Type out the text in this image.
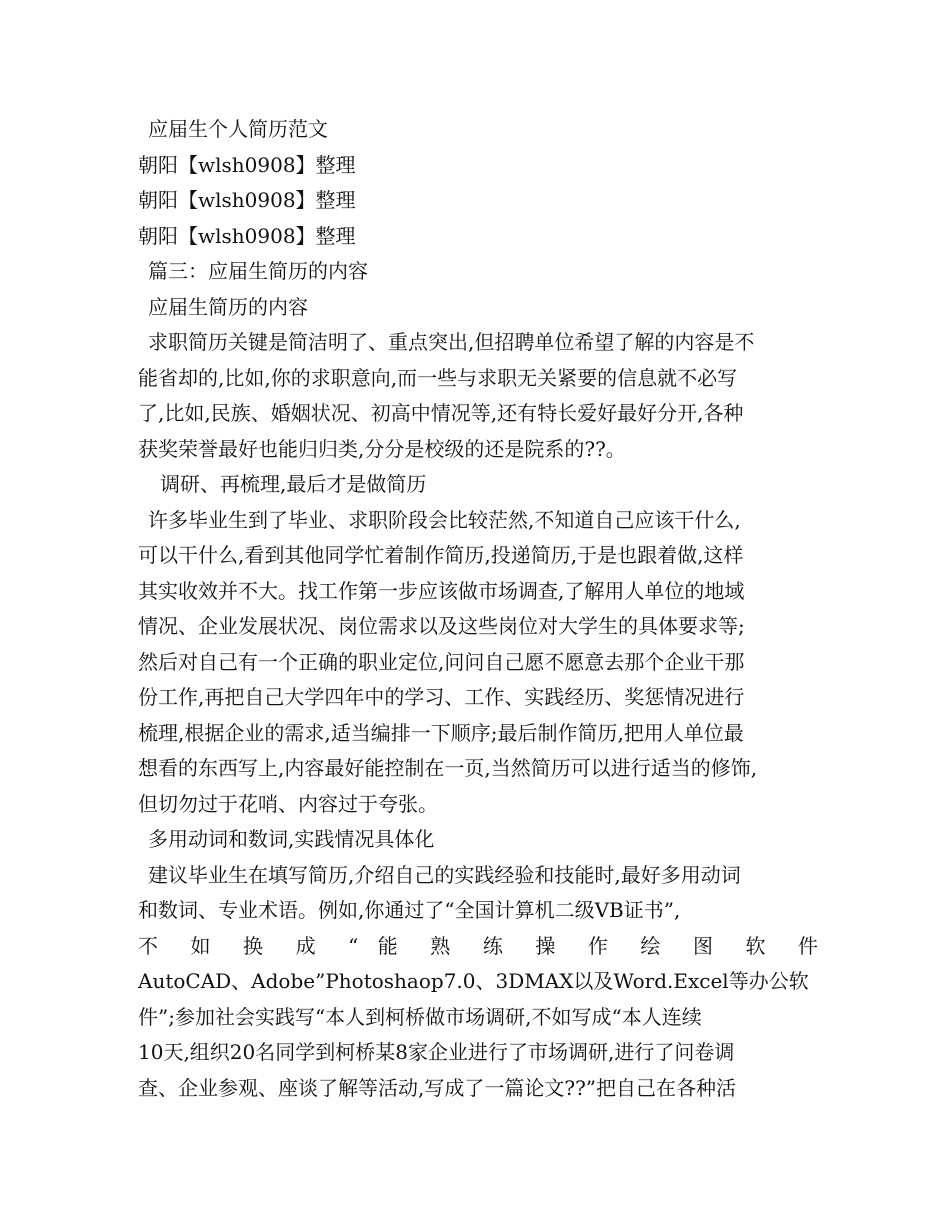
应届生个人简历范文
朝阳【wlsh0908】整理
朝阳【wlsh0908】整理
朝阳【wlsh0908】整理
篇三：应届生简历的内容
应届生简历的内容
求职简历关键是简洁明了、重点突出,但招聘单位希望了解的内容是不
能省却的,比如,你的求职意向,而一些与求职无关紧要的信息就不必写
了,比如,民族、婚姻状况、初高中情况等,还有特长爱好最好分开,各种
获奖荣誉最好也能归归类,分分是校级的还是院系的??。
调研、再梳理,最后才是做简历
许多毕业生到了毕业、求职阶段会比较茫然,不知道自己应该干什么,
可以干什么,看到其他同学忙着制作简历,投递简历,于是也跟着做,这样
其实收效并不大。找工作第一步应该做市场调查,了解用人单位的地域
情况、企业发展状况、岗位需求以及这些岗位对大学生的具体要求等;
然后对自己有一个正确的职业定位,问问自己愿不愿意去那个企业干那
份工作,再把自己大学四年中的学习、工作、实践经历、奖惩情况进行
梳理,根据企业的需求,适当编排一下顺序;最后制作简历,把用人单位最
想看的东西写上,内容最好能控制在一页,当然简历可以进行适当的修饰,
但切勿过于花哨、内容过于夸张。
多用动词和数词,实践情况具体化
建议毕业生在填写简历,介绍自己的实践经验和技能时,最好多用动词
和数词、专业术语。例如,你通过了“全国计算机二级VB证书”,
不 如 换 成 “ 能 熟 练 操 作 绘 图 软 件
AutoCAD、Adobe”Photoshaop7.0、3DMAX以及Word.Excel等办公软
件”;参加社会实践写“本人到柯桥做市场调研,不如写成“本人连续
10天,组织20名同学到柯桥某8家企业进行了市场调研,进行了问卷调
查、企业参观、座谈了解等活动,写成了一篇论文??”把自己在各种活
